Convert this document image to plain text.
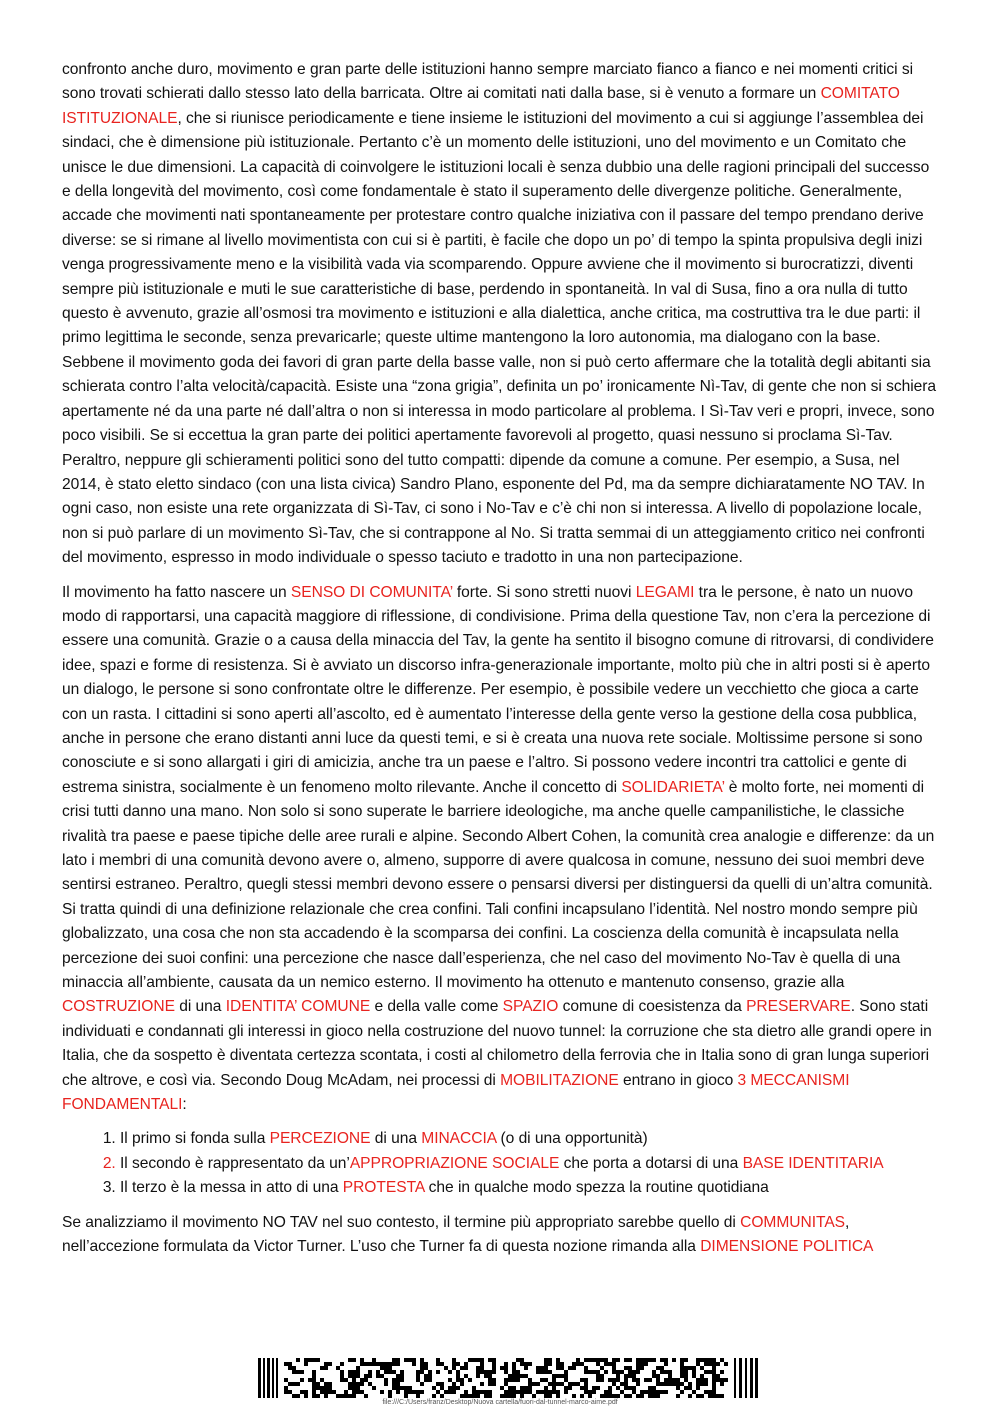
confronto anche duro, movimento e gran parte delle istituzioni hanno sempre marciato fianco a fianco e nei momenti critici si sono trovati schierati dallo stesso lato della barricata. Oltre ai comitati nati dalla base, si è venuto a formare un COMITATO ISTITUZIONALE, che si riunisce periodicamente e tiene insieme le istituzioni del movimento a cui si aggiunge l’assemblea dei sindaci, che è dimensione più istituzionale. Pertanto c’è un momento delle istituzioni, uno del movimento e un Comitato che unisce le due dimensioni. La capacità di coinvolgere le istituzioni locali è senza dubbio una delle ragioni principali del successo e della longevità del movimento, così come fondamentale è stato il superamento delle divergenze politiche. Generalmente, accade che movimenti nati spontaneamente per protestare contro qualche iniziativa con il passare del tempo prendano derive diverse: se si rimane al livello movimentista con cui si è partiti, è facile che dopo un po’ di tempo la spinta propulsiva degli inizi venga progressivamente meno e la visibilità vada via scomparendo. Oppure avviene che il movimento si burocratizzi, diventi sempre più istituzionale e muti le sue caratteristiche di base, perdendo in spontaneità. In val di Susa, fino a ora nulla di tutto questo è avvenuto, grazie all’osmosi tra movimento e istituzioni e alla dialettica, anche critica, ma costruttiva tra le due parti: il primo legittima le seconde, senza prevaricarle; queste ultime mantengono la loro autonomia, ma dialogano con la base. Sebbene il movimento goda dei favori di gran parte della basse valle, non si può certo affermare che la totalità degli abitanti sia schierata contro l’alta velocità/capacità. Esiste una “zona grigia”, definita un po’ ironicamente Nì-Tav, di gente che non si schiera apertamente né da una parte né dall’altra o non si interessa in modo particolare al problema. I Sì-Tav veri e propri, invece, sono poco visibili. Se si eccettua la gran parte dei politici apertamente favorevoli al progetto, quasi nessuno si proclama Sì-Tav. Peraltro, neppure gli schieramenti politici sono del tutto compatti: dipende da comune a comune. Per esempio, a Susa, nel 2014, è stato eletto sindaco (con una lista civica) Sandro Plano, esponente del Pd, ma da sempre dichiaratamente NO TAV. In ogni caso, non esiste una rete organizzata di Sì-Tav, ci sono i No-Tav e c’è chi non si interessa. A livello di popolazione locale, non si può parlare di un movimento Sì-Tav, che si contrappone al No. Si tratta semmai di un atteggiamento critico nei confronti del movimento, espresso in modo individuale o spesso taciuto e tradotto in una non partecipazione.

Il movimento ha fatto nascere un SENSO DI COMUNITA’ forte. Si sono stretti nuovi LEGAMI tra le persone, è nato un nuovo modo di rapportarsi, una capacità maggiore di riflessione, di condivisione. Prima della questione Tav, non c’era la percezione di essere una comunità. Grazie o a causa della minaccia del Tav, la gente ha sentito il bisogno comune di ritrovarsi, di condividere idee, spazi e forme di resistenza. Si è avviato un discorso infra-generazionale importante, molto più che in altri posti si è aperto un dialogo, le persone si sono confrontate oltre le differenze. Per esempio, è possibile vedere un vecchietto che gioca a carte con un rasta. I cittadini si sono aperti all’ascolto, ed è aumentato l’interesse della gente verso la gestione della cosa pubblica, anche in persone che erano distanti anni luce da questi temi, e si è creata una nuova rete sociale. Moltissime persone si sono conosciute e si sono allargati i giri di amicizia, anche tra un paese e l’altro. Si possono vedere incontri tra cattolici e gente di estrema sinistra, socialmente è un fenomeno molto rilevante. Anche il concetto di SOLIDARIETA’ è molto forte, nei momenti di crisi tutti danno una mano. Non solo si sono superate le barriere ideologiche, ma anche quelle campanilistiche, le classiche rivalità tra paese e paese tipiche delle aree rurali e alpine. Secondo Albert Cohen, la comunità crea analogie e differenze: da un lato i membri di una comunità devono avere o, almeno, supporre di avere qualcosa in comune, nessuno dei suoi membri deve sentirsi estraneo. Peraltro, quegli stessi membri devono essere o pensarsi diversi per distinguersi da quelli di un’altra comunità. Si tratta quindi di una definizione relazionale che crea confini. Tali confini incapsulano l’identità. Nel nostro mondo sempre più globalizzato, una cosa che non sta accadendo è la scomparsa dei confini. La coscienza della comunità è incapsulata nella percezione dei suoi confini: una percezione che nasce dall’esperienza, che nel caso del movimento No-Tav è quella di una minaccia all’ambiente, causata da un nemico esterno. Il movimento ha ottenuto e mantenuto consenso, grazie alla COSTRUZIONE di una IDENTITA’ COMUNE e della valle come SPAZIO comune di coesistenza da PRESERVARE. Sono stati individuati e condannati gli interessi in gioco nella costruzione del nuovo tunnel: la corruzione che sta dietro alle grandi opere in Italia, che da sospetto è diventata certezza scontata, i costi al chilometro della ferrovia che in Italia sono di gran lunga superiori che altrove, e così via. Secondo Doug McAdam, nei processi di MOBILITAZIONE entrano in gioco 3 MECCANISMI FONDAMENTALI:

1. Il primo si fonda sulla PERCEZIONE di una MINACCIA (o di una opportunità)
2. Il secondo è rappresentato da un’APPROPRIAZIONE SOCIALE che porta a dotarsi di una BASE IDENTITARIA
3. Il terzo è la messa in atto di una PROTESTA che in qualche modo spezza la routine quotidiana

Se analizziamo il movimento NO TAV nel suo contesto, il termine più appropriato sarebbe quello di COMMUNITAS, nell’accezione formulata da Victor Turner. L’uso che Turner fa di questa nozione rimanda alla DIMENSIONE POLITICA

file:///C:/Users/franz/Desktop/Nuova cartella/fuori-dal-tunnel-marco-aime.pdf
